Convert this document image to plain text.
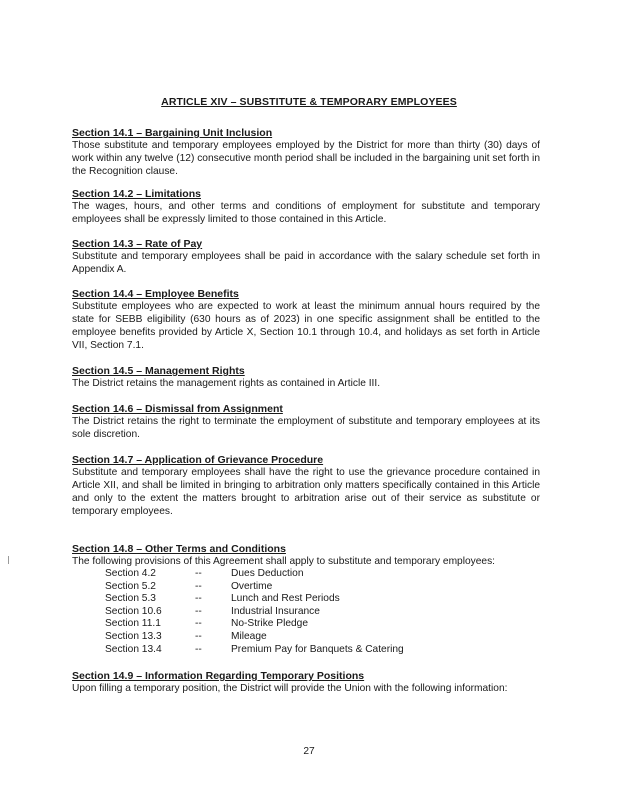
ARTICLE XIV – SUBSTITUTE & TEMPORARY EMPLOYEES
Section 14.1 – Bargaining Unit Inclusion
Those substitute and temporary employees employed by the District for more than thirty (30) days of work within any twelve (12) consecutive month period shall be included in the bargaining unit set forth in the Recognition clause.
Section 14.2 – Limitations
The wages, hours, and other terms and conditions of employment for substitute and temporary employees shall be expressly limited to those contained in this Article.
Section 14.3 – Rate of Pay
Substitute and temporary employees shall be paid in accordance with the salary schedule set forth in Appendix A.
Section 14.4 – Employee Benefits
Substitute employees who are expected to work at least the minimum annual hours required by the state for SEBB eligibility (630 hours as of 2023) in one specific assignment shall be entitled to the employee benefits provided by Article X, Section 10.1 through 10.4, and holidays as set forth in Article VII, Section 7.1.
Section 14.5 – Management Rights
The District retains the management rights as contained in Article III.
Section 14.6 – Dismissal from Assignment
The District retains the right to terminate the employment of substitute and temporary employees at its sole discretion.
Section 14.7 – Application of Grievance Procedure
Substitute and temporary employees shall have the right to use the grievance procedure contained in Article XII, and shall be limited in bringing to arbitration only matters specifically contained in this Article and only to the extent the matters brought to arbitration arise out of their service as substitute or temporary employees.
Section 14.8 – Other Terms and Conditions
The following provisions of this Agreement shall apply to substitute and temporary employees:
Section 4.2	--	Dues Deduction
Section 5.2	--	Overtime
Section 5.3	--	Lunch and Rest Periods
Section 10.6	--	Industrial Insurance
Section 11.1	--	No-Strike Pledge
Section 13.3	--	Mileage
Section 13.4	--	Premium Pay for Banquets & Catering
Section 14.9 – Information Regarding Temporary Positions
Upon filling a temporary position, the District will provide the Union with the following information:
27
